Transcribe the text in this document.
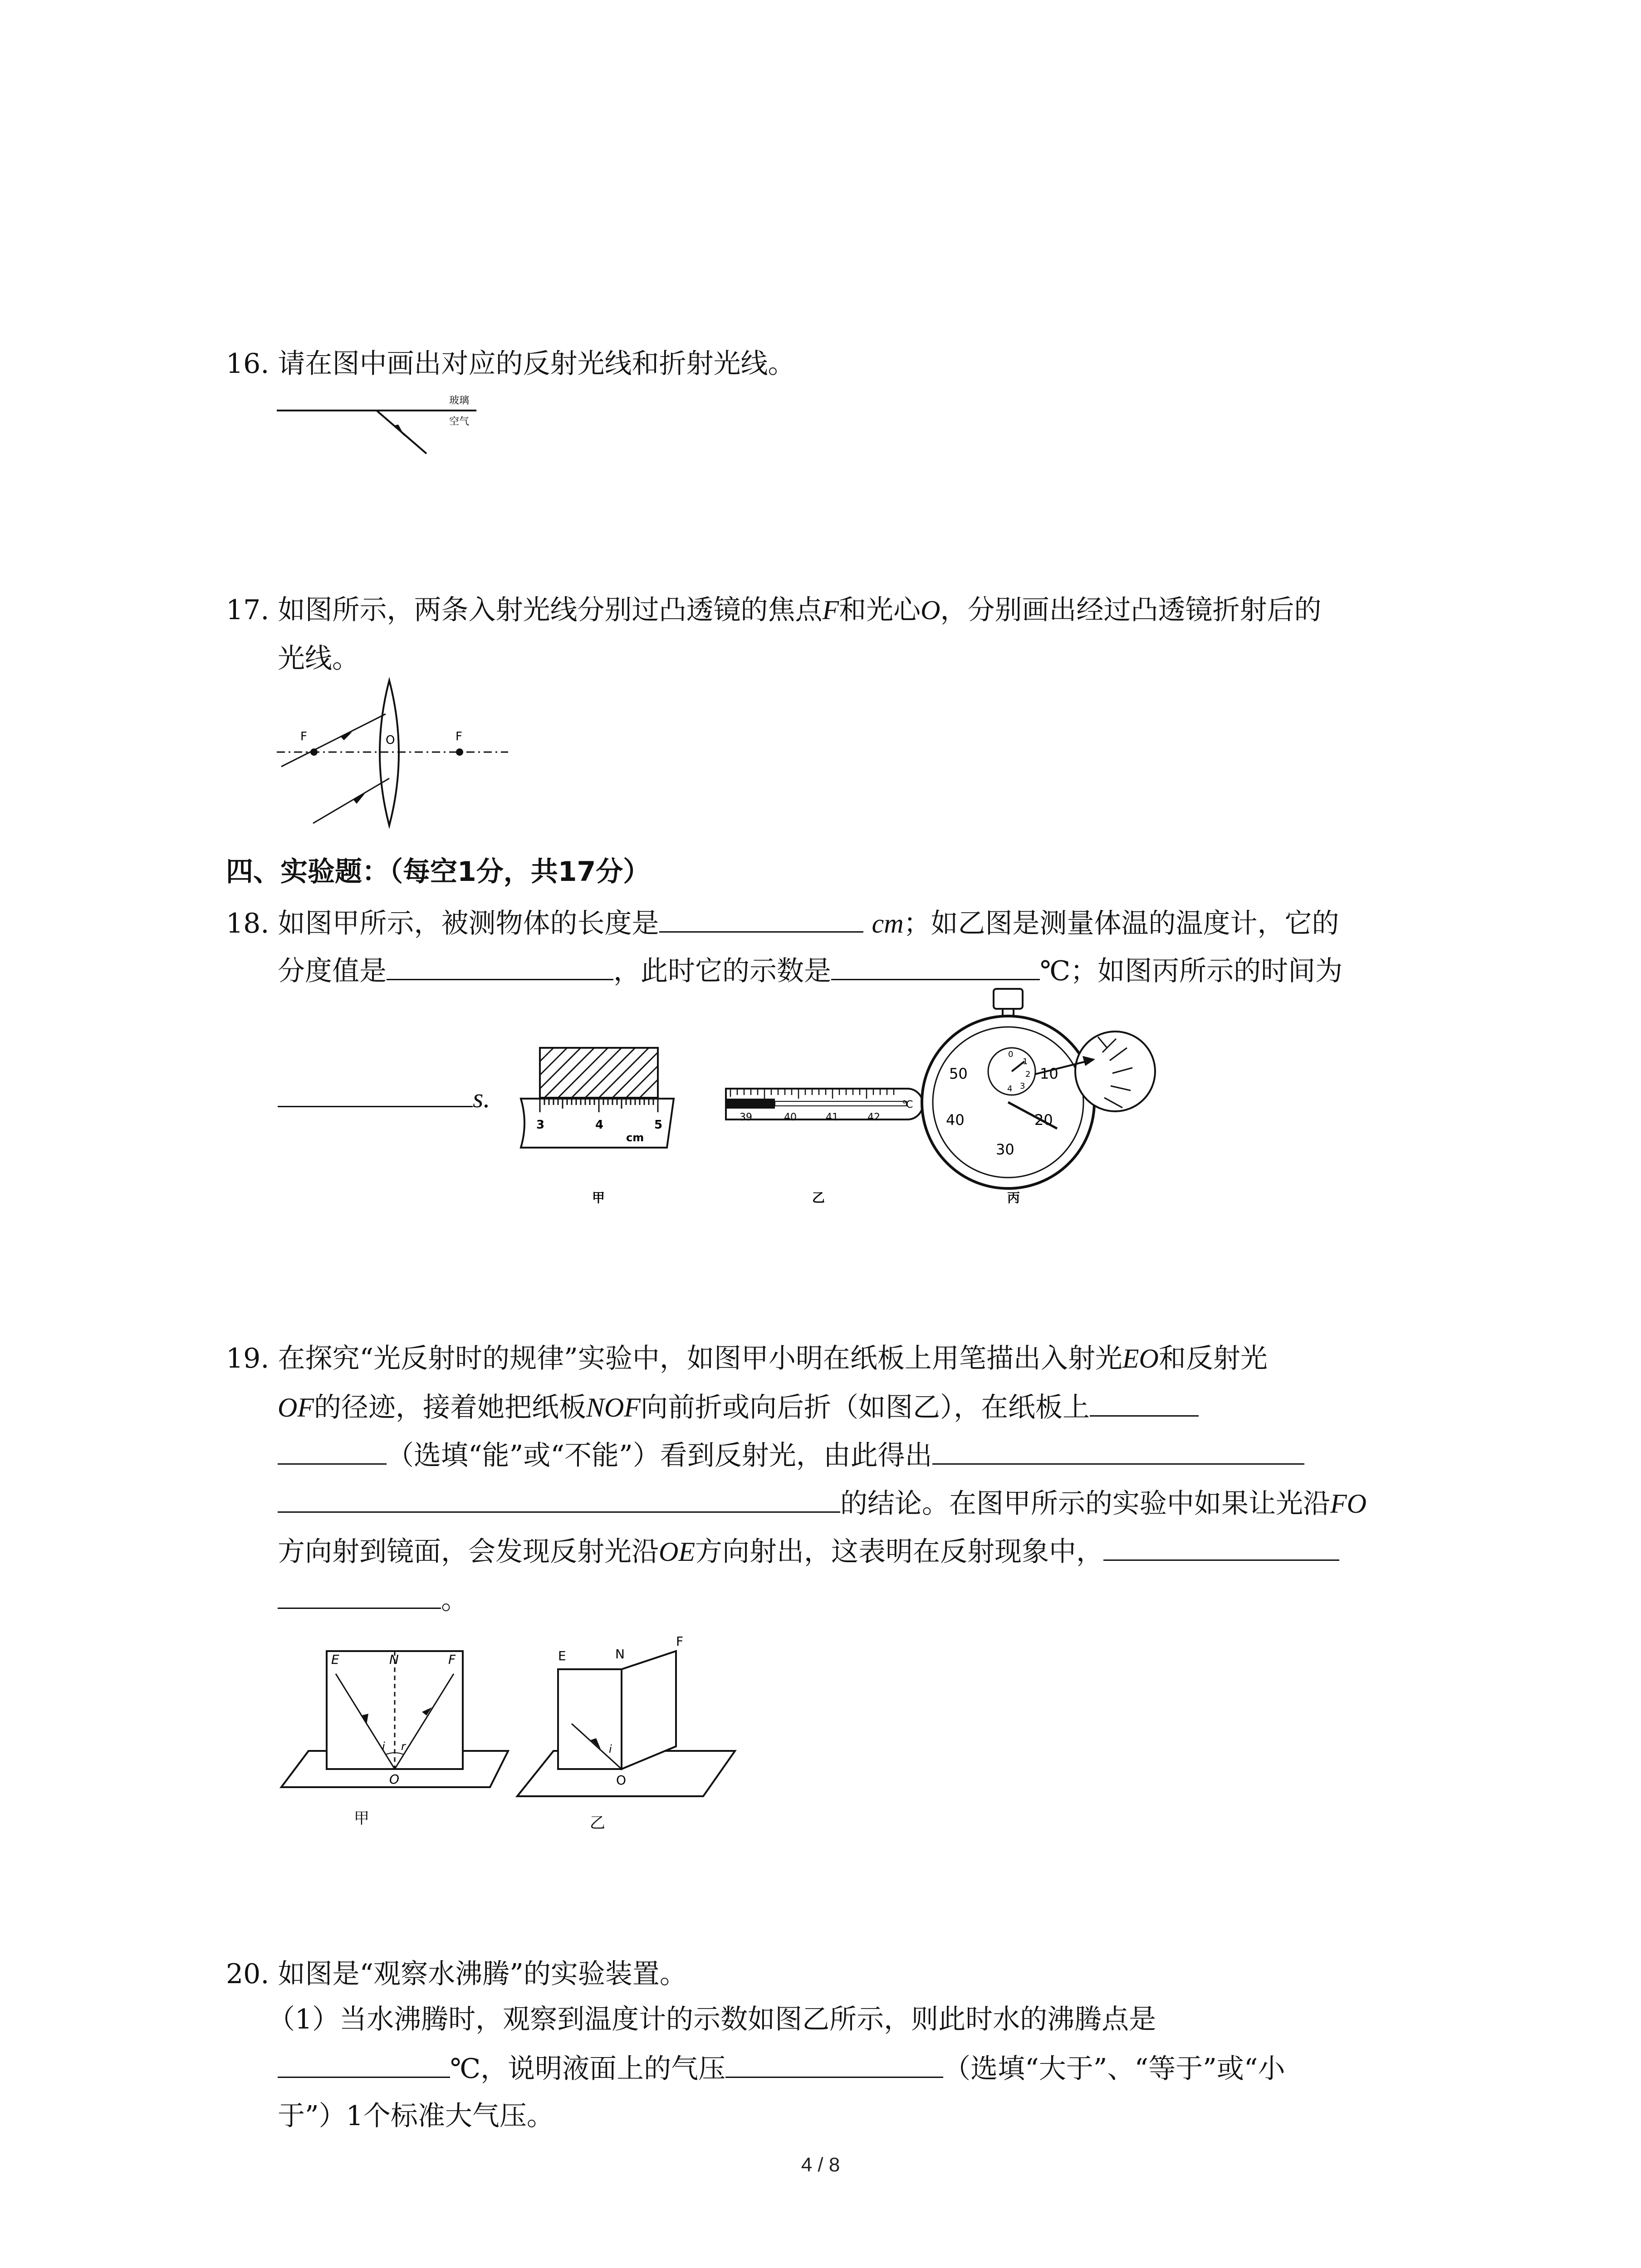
16. 请在图中画出对应的反射光线和折射光线。
玻璃
空气
17. 如图所示，两条入射光线分别过凸透镜的焦点F和光心O，分别画出经过凸透镜折射后的
光线。
F	O	F
四、实验题：（每空1分，共17分）
18. 如图甲所示，被测物体的长度是	cm；如乙图是测量体温的温度计，它的
分度值是	，此时它的示数是	℃；如图丙所示的时间为
s.
3	4	5
cm
甲
39	40	41	42
℃
乙
50	10
40	20
30
0
1
2
3
4
丙
19. 在探究“光反射时的规律”实验中，如图甲小明在纸板上用笔描出入射光EO和反射光
OF的径迹，接着她把纸板NOF向前折或向后折（如图乙），在纸板上
（选填“能”或“不能”）看到反射光，由此得出
的结论。在图甲所示的实验中如果让光沿FO
方向射到镜面，会发现反射光沿OE方向射出，这表明在反射现象中，
。
E	N	F
i r
O
甲
E	N
F
i
O
乙
20. 如图是“观察水沸腾”的实验装置。
（1）当水沸腾时，观察到温度计的示数如图乙所示，则此时水的沸腾点是
℃，说明液面上的气压	（选填“大于”、“等于”或“小
于”）1个标准大气压。
4 / 8
